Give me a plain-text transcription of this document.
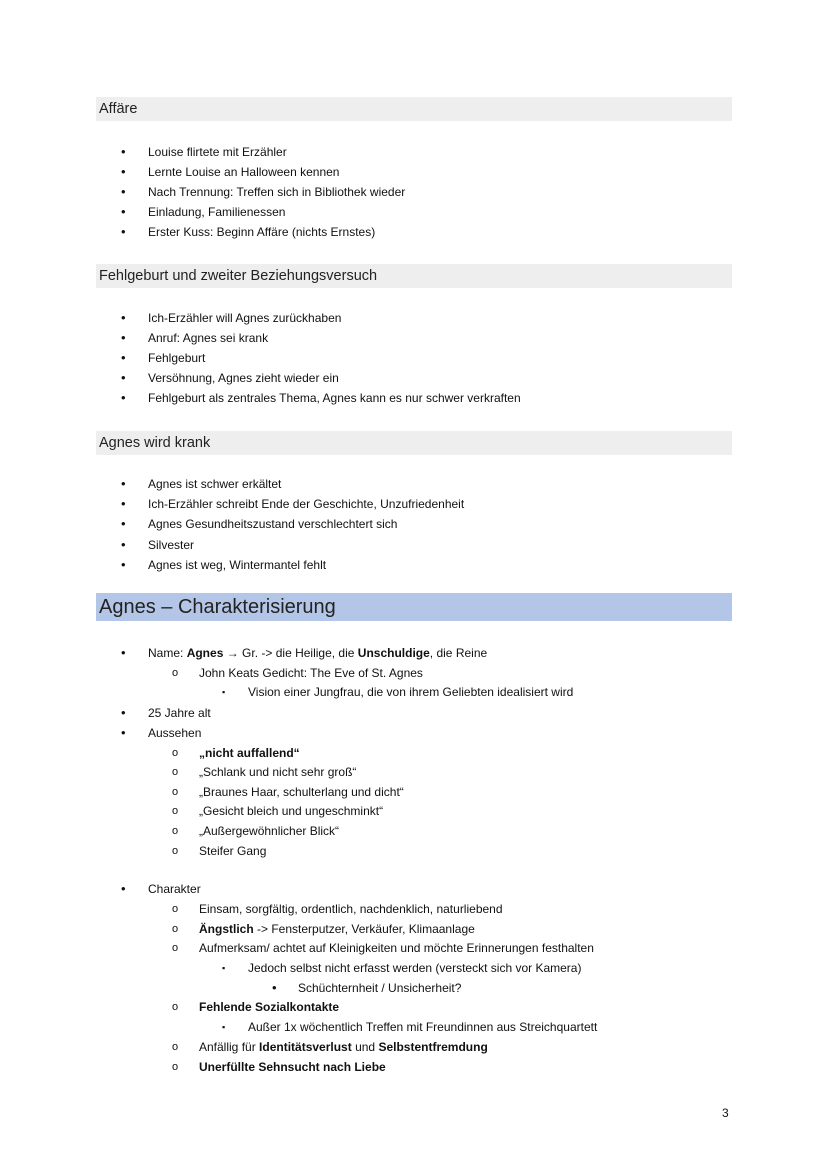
Affäre
• Louise flirtete mit Erzähler
• Lernte Louise an Halloween kennen
• Nach Trennung: Treffen sich in Bibliothek wieder
• Einladung, Familienessen
• Erster Kuss: Beginn Affäre (nichts Ernstes)
Fehlgeburt und zweiter Beziehungsversuch
• Ich-Erzähler will Agnes zurückhaben
• Anruf: Agnes sei krank
• Fehlgeburt
• Versöhnung, Agnes zieht wieder ein
• Fehlgeburt als zentrales Thema, Agnes kann es nur schwer verkraften
Agnes wird krank
• Agnes ist schwer erkältet
• Ich-Erzähler schreibt Ende der Geschichte, Unzufriedenheit
• Agnes Gesundheitszustand verschlechtert sich
• Silvester
• Agnes ist weg, Wintermantel fehlt
Agnes – Charakterisierung
• Name: Agnes → Gr. -> die Heilige, die Unschuldige, die Reine
o John Keats Gedicht: The Eve of St. Agnes
▪ Vision einer Jungfrau, die von ihrem Geliebten idealisiert wird
• 25 Jahre alt
• Aussehen
o „nicht auffallend“
o „Schlank und nicht sehr groß“
o „Braunes Haar, schulterlang und dicht“
o „Gesicht bleich und ungeschminkt“
o „Außergewöhnlicher Blick“
o Steifer Gang
• Charakter
o Einsam, sorgfältig, ordentlich, nachdenklich, naturliebend
o Ängstlich -> Fensterputzer, Verkäufer, Klimaanlage
o Aufmerksam/ achtet auf Kleinigkeiten und möchte Erinnerungen festhalten
▪ Jedoch selbst nicht erfasst werden (versteckt sich vor Kamera)
• Schüchternheit / Unsicherheit?
o Fehlende Sozialkontakte
▪ Außer 1x wöchentlich Treffen mit Freundinnen aus Streichquartett
o Anfällig für Identitätsverlust und Selbstentfremdung
o Unerfüllte Sehnsucht nach Liebe
3
